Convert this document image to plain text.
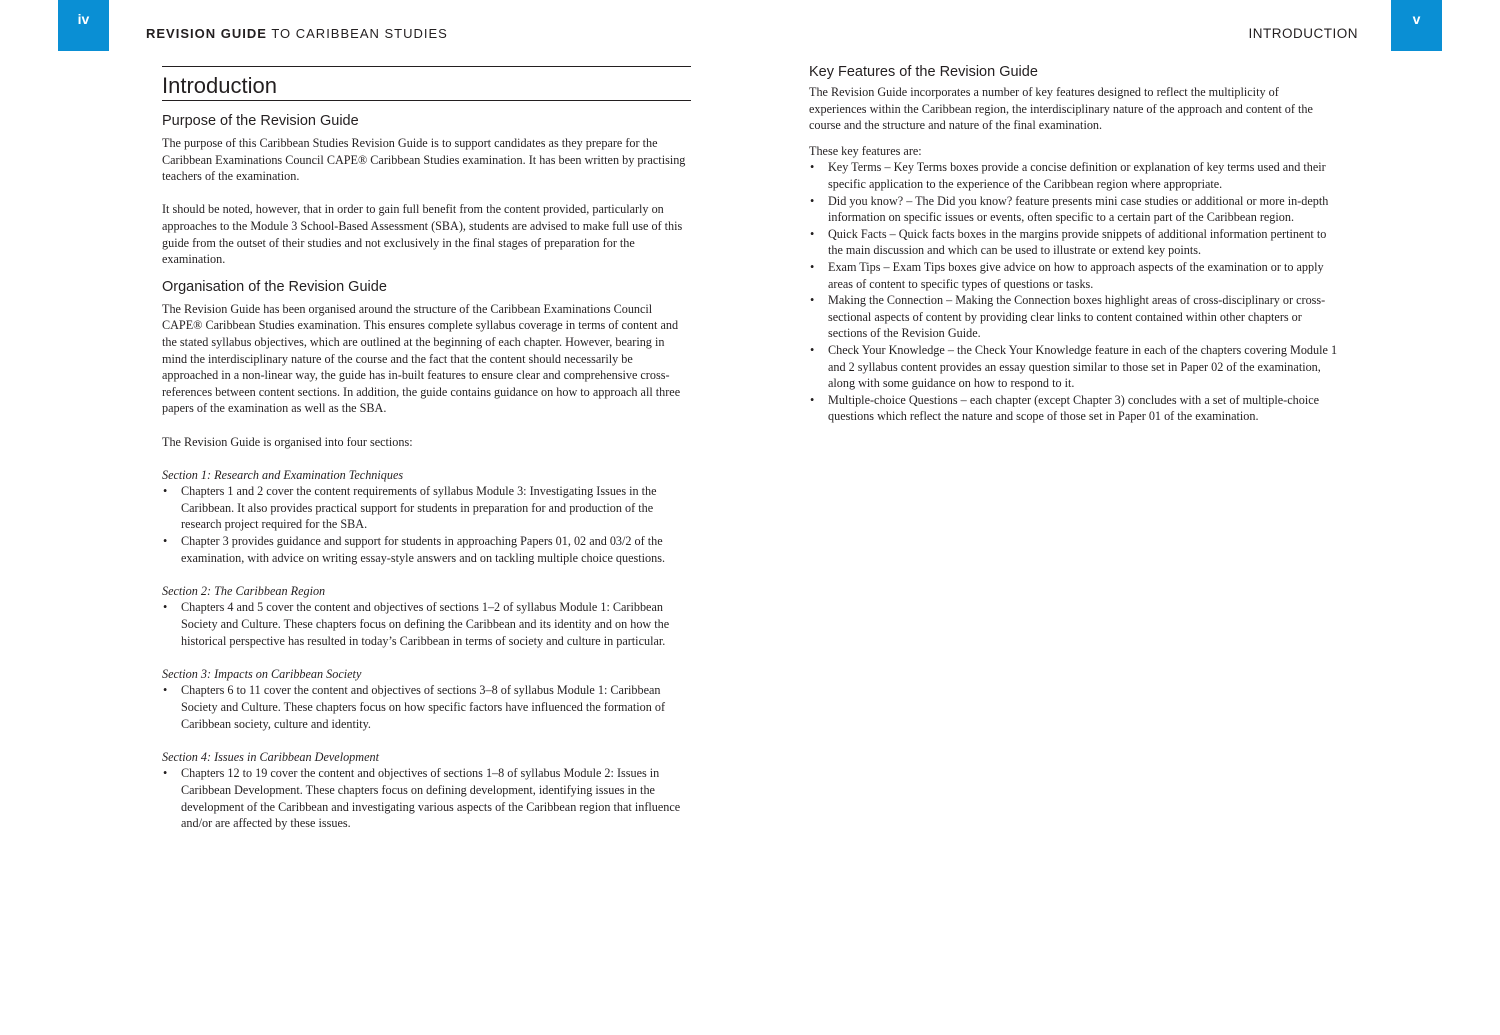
iv
REVISION GUIDE TO CARIBBEAN STUDIES	INTRODUCTION
v
Introduction
Purpose of the Revision Guide

The purpose of this Caribbean Studies Revision Guide is to support candidates as they prepare for the Caribbean Examinations Council CAPE® Caribbean Studies examination. It has been written by practising teachers of the examination.

It should be noted, however, that in order to gain full benefit from the content provided, particularly on approaches to the Module 3 School-Based Assessment (SBA), students are advised to make full use of this guide from the outset of their studies and not exclusively in the final stages of preparation for the examination.

Organisation of the Revision Guide

The Revision Guide has been organised around the structure of the Caribbean Examinations Council CAPE® Caribbean Studies examination. This ensures complete syllabus coverage in terms of content and the stated syllabus objectives, which are outlined at the beginning of each chapter. However, bearing in mind the interdisciplinary nature of the course and the fact that the content should necessarily be approached in a non-linear way, the guide has in-built features to ensure clear and comprehensive cross-references between content sections. In addition, the guide contains guidance on how to approach all three papers of the examination as well as the SBA.

The Revision Guide is organised into four sections:

Section 1: Research and Examination Techniques
• Chapters 1 and 2 cover the content requirements of syllabus Module 3: Investigating Issues in the Caribbean. It also provides practical support for students in preparation for and production of the research project required for the SBA.
• Chapter 3 provides guidance and support for students in approaching Papers 01, 02 and 03/2 of the examination, with advice on writing essay-style answers and on tackling multiple choice questions.
Section 2: The Caribbean Region
• Chapters 4 and 5 cover the content and objectives of sections 1–2 of syllabus Module 1: Caribbean Society and Culture. These chapters focus on defining the Caribbean and its identity and on how the historical perspective has resulted in today’s Caribbean in terms of society and culture in particular.
Section 3: Impacts on Caribbean Society
• Chapters 6 to 11 cover the content and objectives of sections 3–8 of syllabus Module 1: Caribbean Society and Culture. These chapters focus on how specific factors have influenced the formation of Caribbean society, culture and identity.
Section 4: Issues in Caribbean Development
• Chapters 12 to 19 cover the content and objectives of sections 1–8 of syllabus Module 2: Issues in Caribbean Development. These chapters focus on defining development, identifying issues in the development of the Caribbean and investigating various aspects of the Caribbean region that influence and/or are affected by these issues.
Key Features of the Revision Guide

The Revision Guide incorporates a number of key features designed to reflect the multiplicity of experiences within the Caribbean region, the interdisciplinary nature of the approach and content of the course and the structure and nature of the final examination.

These key features are:

• Key Terms – Key Terms boxes provide a concise definition or explanation of key terms used and their specific application to the experience of the Caribbean region where appropriate.
• Did you know? – The Did you know? feature presents mini case studies or additional or more in-depth information on specific issues or events, often specific to a certain part of the Caribbean region.
• Quick Facts – Quick facts boxes in the margins provide snippets of additional information pertinent to the main discussion and which can be used to illustrate or extend key points.
• Exam Tips – Exam Tips boxes give advice on how to approach aspects of the examination or to apply areas of content to specific types of questions or tasks.
• Making the Connection – Making the Connection boxes highlight areas of cross-disciplinary or cross-sectional aspects of content by providing clear links to content contained within other chapters or sections of the Revision Guide.
• Check Your Knowledge – the Check Your Knowledge feature in each of the chapters covering Module 1 and 2 syllabus content provides an essay question similar to those set in Paper 02 of the examination, along with some guidance on how to respond to it.
• Multiple-choice Questions – each chapter (except Chapter 3) concludes with a set of multiple-choice questions which reflect the nature and scope of those set in Paper 01 of the examination.
